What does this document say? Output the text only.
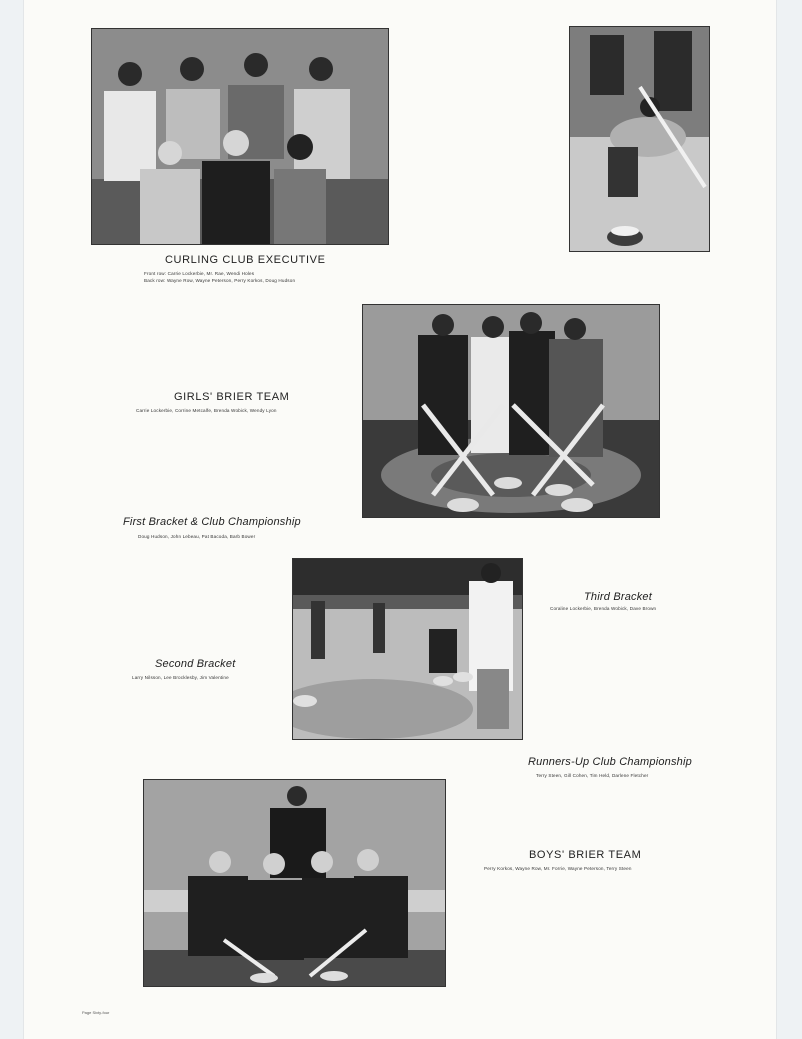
CURLING CLUB EXECUTIVE
Front row: Carrie Lockerbie, Mr. Rae, Wendi Holes
Back row: Wayne Row, Wayne Peterson, Perry Korkos, Doug Hudson
GIRLS' BRIER TEAM
Carrie Lockerbie, Corrine Metcalfe, Brenda Wobick, Wendy Lyon
First Bracket & Club Championship
Doug Hudson, John Lebeau, Pat Bacoda, Barb Bower
Third Bracket
Coraline Lockerbie, Brenda Wobick, Dave Brown
Second Bracket
Larry Nilsson, Lee Brocklesby, Jim Valentine
Runners-Up Club Championship
Terry Steen, Gill Cohen, Tim Held, Darlene Fletcher
BOYS' BRIER TEAM
Perry Korkos, Wayne Row, Mr. Forrie, Wayne Peterson, Terry Steen
Page Sixty-four
